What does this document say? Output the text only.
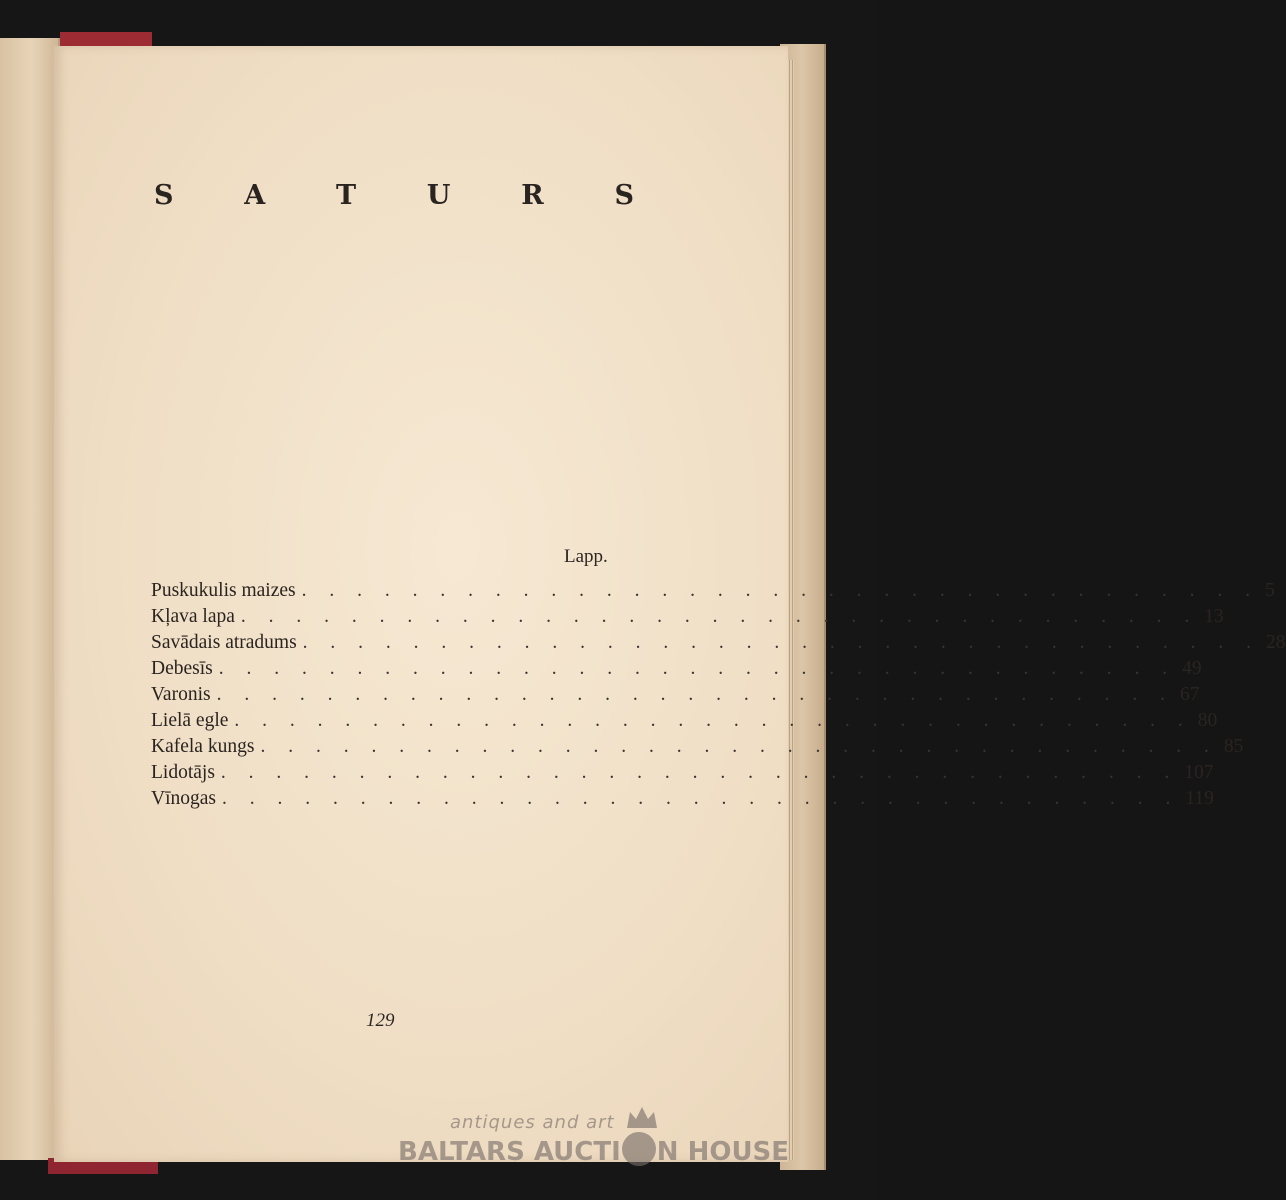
S	A	T	U	R	S
Lapp.
Puskukulis maizes . . . . . . . . . . . . . . . . . . . . . . . . . . . . . . . . . . . 5
Kļava lapa . . . . . . . . . . . . . . . . . . . . . . . . . . . . . . . . . . . 13
Savādais atradums . . . . . . . . . . . . . . . . . . . . . . . . . . . . . . . . . . . 28
Debesīs . . . . . . . . . . . . . . . . . . . . . . . . . . . . . . . . . . . 49
Varonis . . . . . . . . . . . . . . . . . . . . . . . . . . . . . . . . . . . 67
Lielā egle . . . . . . . . . . . . . . . . . . . . . . . . . . . . . . . . . . . 80
Kafela kungs . . . . . . . . . . . . . . . . . . . . . . . . . . . . . . . . . . . 85
Lidotājs . . . . . . . . . . . . . . . . . . . . . . . . . . . . . . . . . . . 107
Vīnogas . . . . . . . . . . . . . . . . . . . . . . . . . . . . . . . . . . . 119
129
antiques and art
BALTARS AUCTI N HOUSE
